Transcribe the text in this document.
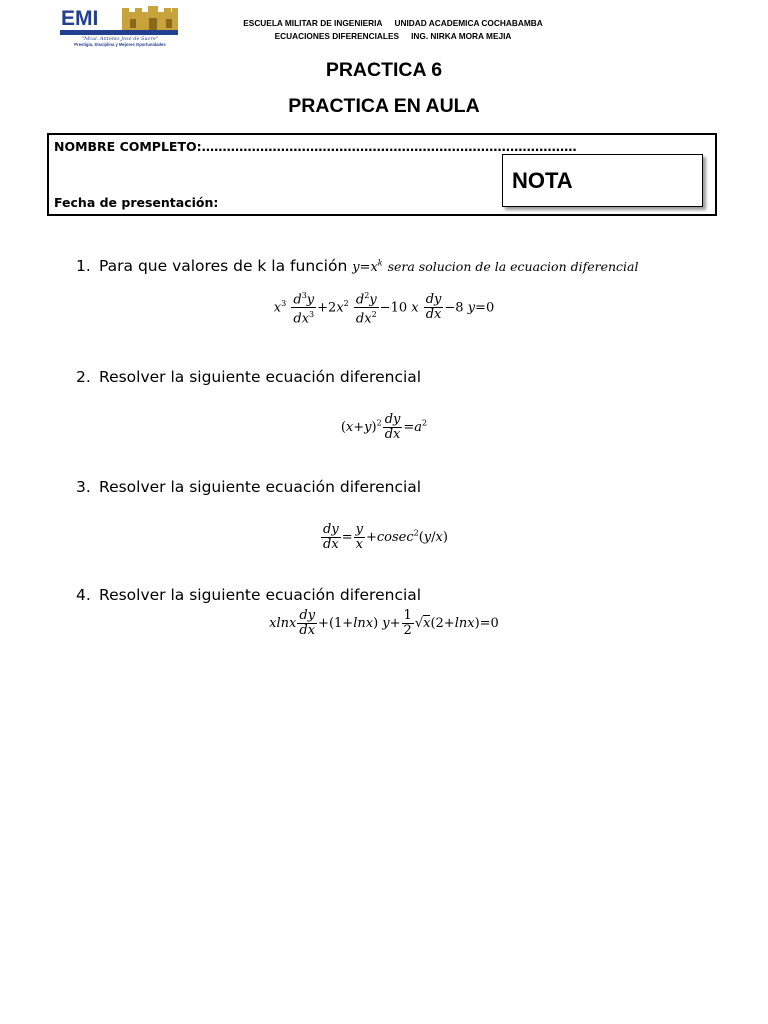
EMI
"Mcal. Antonio José de Sucre"
Prestigio, Disciplina y Mejores Oportunidades
ESCUELA MILITAR DE INGENIERIA UNIDAD ACADEMICA COCHABAMBA
ECUACIONES DIFERENCIALES ING. NIRKA MORA MEJIA
PRACTICA 6
PRACTICA EN AULA
NOMBRE COMPLETO:………………………………………………………………………………
Fecha de presentación:
NOTA
1. Para que valores de k la función $y=x^k$ sera solucion de la ecuacion diferencial
$x^3 \frac{d^3y}{dx^3} +2x^2 \frac{d^2y}{dx^2} -10$ x $\frac{dy}{dx} -8$ y=0
2. Resolver la siguiente ecuación diferencial
$(x+y)^2 \frac{dy}{dx} =a^2$
3. Resolver la siguiente ecuación diferencial
$\frac{dy}{dx} = \frac{y}{x} +cosec^2(y/x)$
4. Resolver la siguiente ecuación diferencial
xlnx $\frac{dy}{dx} +(1+\ln x)$ $y+ \frac{1}{2} √x(2+\ln x)=0$
